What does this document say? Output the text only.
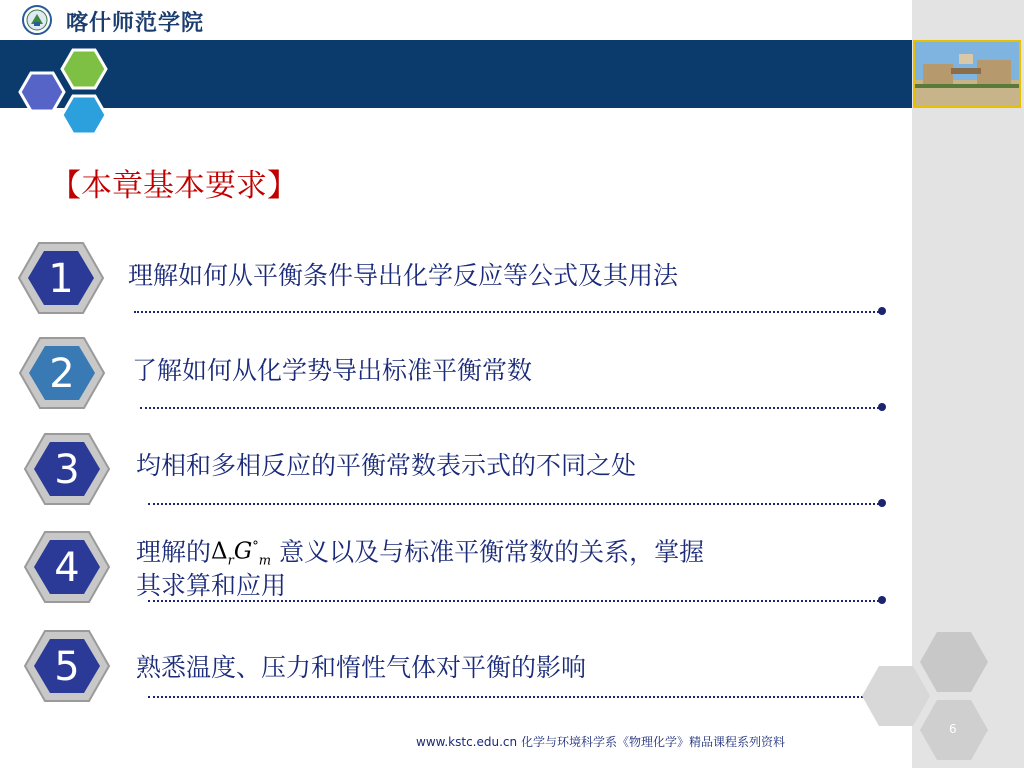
喀什师范学院
【本章基本要求】
1 理解如何从平衡条件导出化学反应等公式及其用法
2 了解如何从化学势导出标准平衡常数
3 均相和多相反应的平衡常数表示式的不同之处
4 理解的$\Delta_rG^\circ_m$ 意义以及与标准平衡常数的关系，掌握
其求算和应用
5 熟悉温度、压力和惰性气体对平衡的影响
6
www.kstc.edu.cn 化学与环境科学系《物理化学》精品课程系列资料
